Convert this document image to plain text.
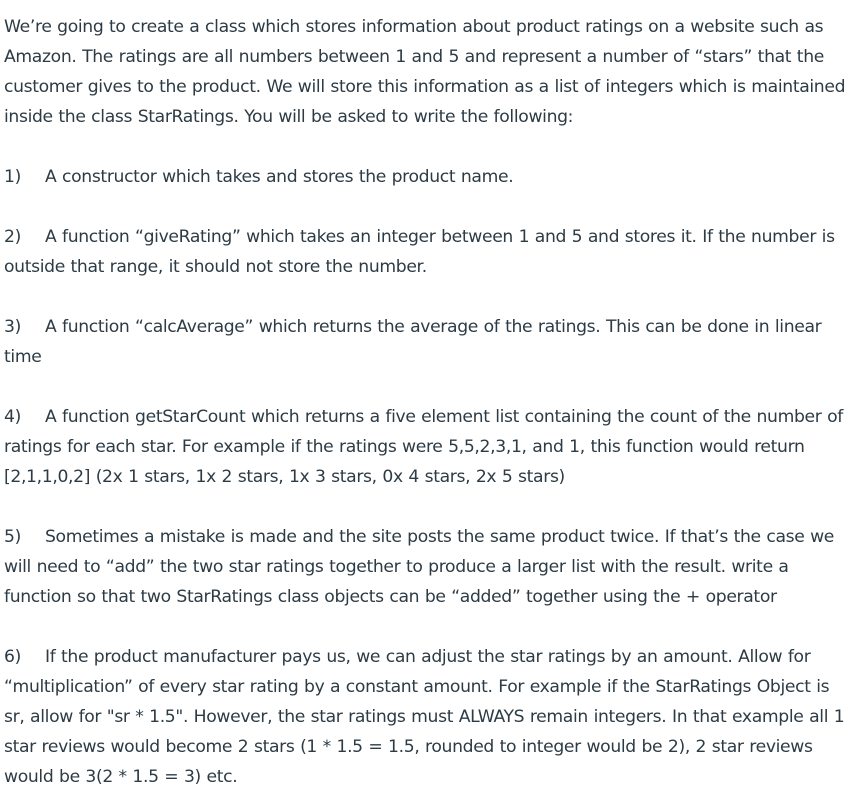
We’re going to create a class which stores information about product ratings on a website such as Amazon. The ratings are all numbers between 1 and 5 and represent a number of “stars” that the customer gives to the product. We will store this information as a list of integers which is maintained inside the class StarRatings. You will be asked to write the following:

1) A constructor which takes and stores the product name.

2) A function “giveRating” which takes an integer between 1 and 5 and stores it. If the number is outside that range, it should not store the number.

3) A function “calcAverage” which returns the average of the ratings. This can be done in linear time

4) A function getStarCount which returns a five element list containing the count of the number of ratings for each star. For example if the ratings were 5,5,2,3,1, and 1, this function would return [2,1,1,0,2] (2x 1 stars, 1x 2 stars, 1x 3 stars, 0x 4 stars, 2x 5 stars)

5) Sometimes a mistake is made and the site posts the same product twice. If that’s the case we will need to “add” the two star ratings together to produce a larger list with the result. write a function so that two StarRatings class objects can be “added” together using the + operator

6) If the product manufacturer pays us, we can adjust the star ratings by an amount. Allow for “multiplication” of every star rating by a constant amount. For example if the StarRatings Object is sr, allow for "sr * 1.5". However, the star ratings must ALWAYS remain integers. In that example all 1 star reviews would become 2 stars (1 * 1.5 = 1.5, rounded to integer would be 2), 2 star reviews would be 3(2 * 1.5 = 3) etc.
